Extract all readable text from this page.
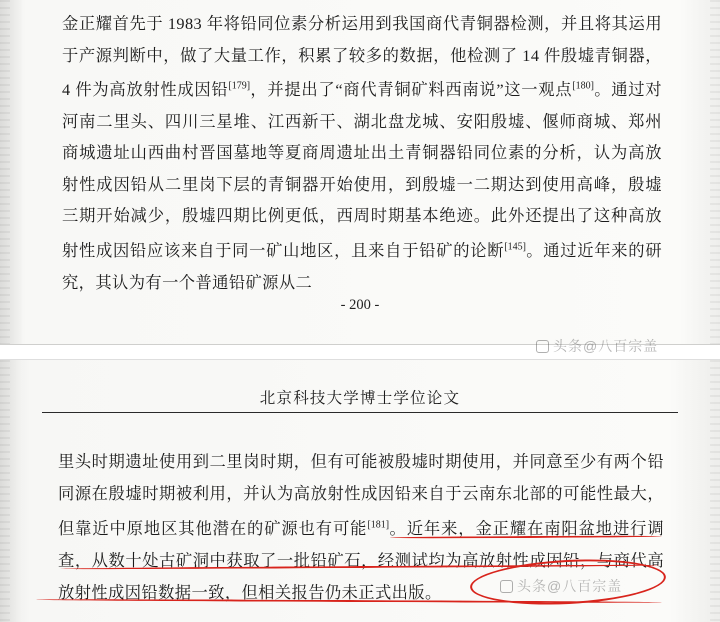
金正耀首先于 1983 年将铅同位素分析运用到我国商代青铜器检测，并且将其运用于产源判断中，做了大量工作，积累了较多的数据，他检测了 14 件殷墟青铜器，4 件为高放射性成因铅[179]，并提出了“商代青铜矿料西南说”这一观点[180]。通过对河南二里头、四川三星堆、江西新干、湖北盘龙城、安阳殷墟、偃师商城、郑州商城遗址山西曲村晋国墓地等夏商周遗址出土青铜器铅同位素的分析，认为高放射性成因铅从二里岗下层的青铜器开始使用，到殷墟一二期达到使用高峰，殷墟三期开始减少，殷墟四期比例更低，西周时期基本绝迹。此外还提出了这种高放射性成因铅应该来自于同一矿山地区，且来自于铅矿的论断[145]。通过近年来的研究，其认为有一个普通铅矿源从二
- 200 -
北京科技大学博士学位论文
里头时期遗址使用到二里岗时期，但有可能被殷墟时期使用，并同意至少有两个铅同源在殷墟时期被利用，并认为高放射性成因铅来自于云南东北部的可能性最大，但靠近中原地区其他潜在的矿源也有可能[181]。近年来，金正耀在南阳盆地进行调查，从数十处古矿洞中获取了一批铅矿石，经测试均为高放射性成因铅，与商代高放射性成因铅数据一致，但相关报告仍未正式出版。
头条@八百宗盖
头条@八百宗盖
